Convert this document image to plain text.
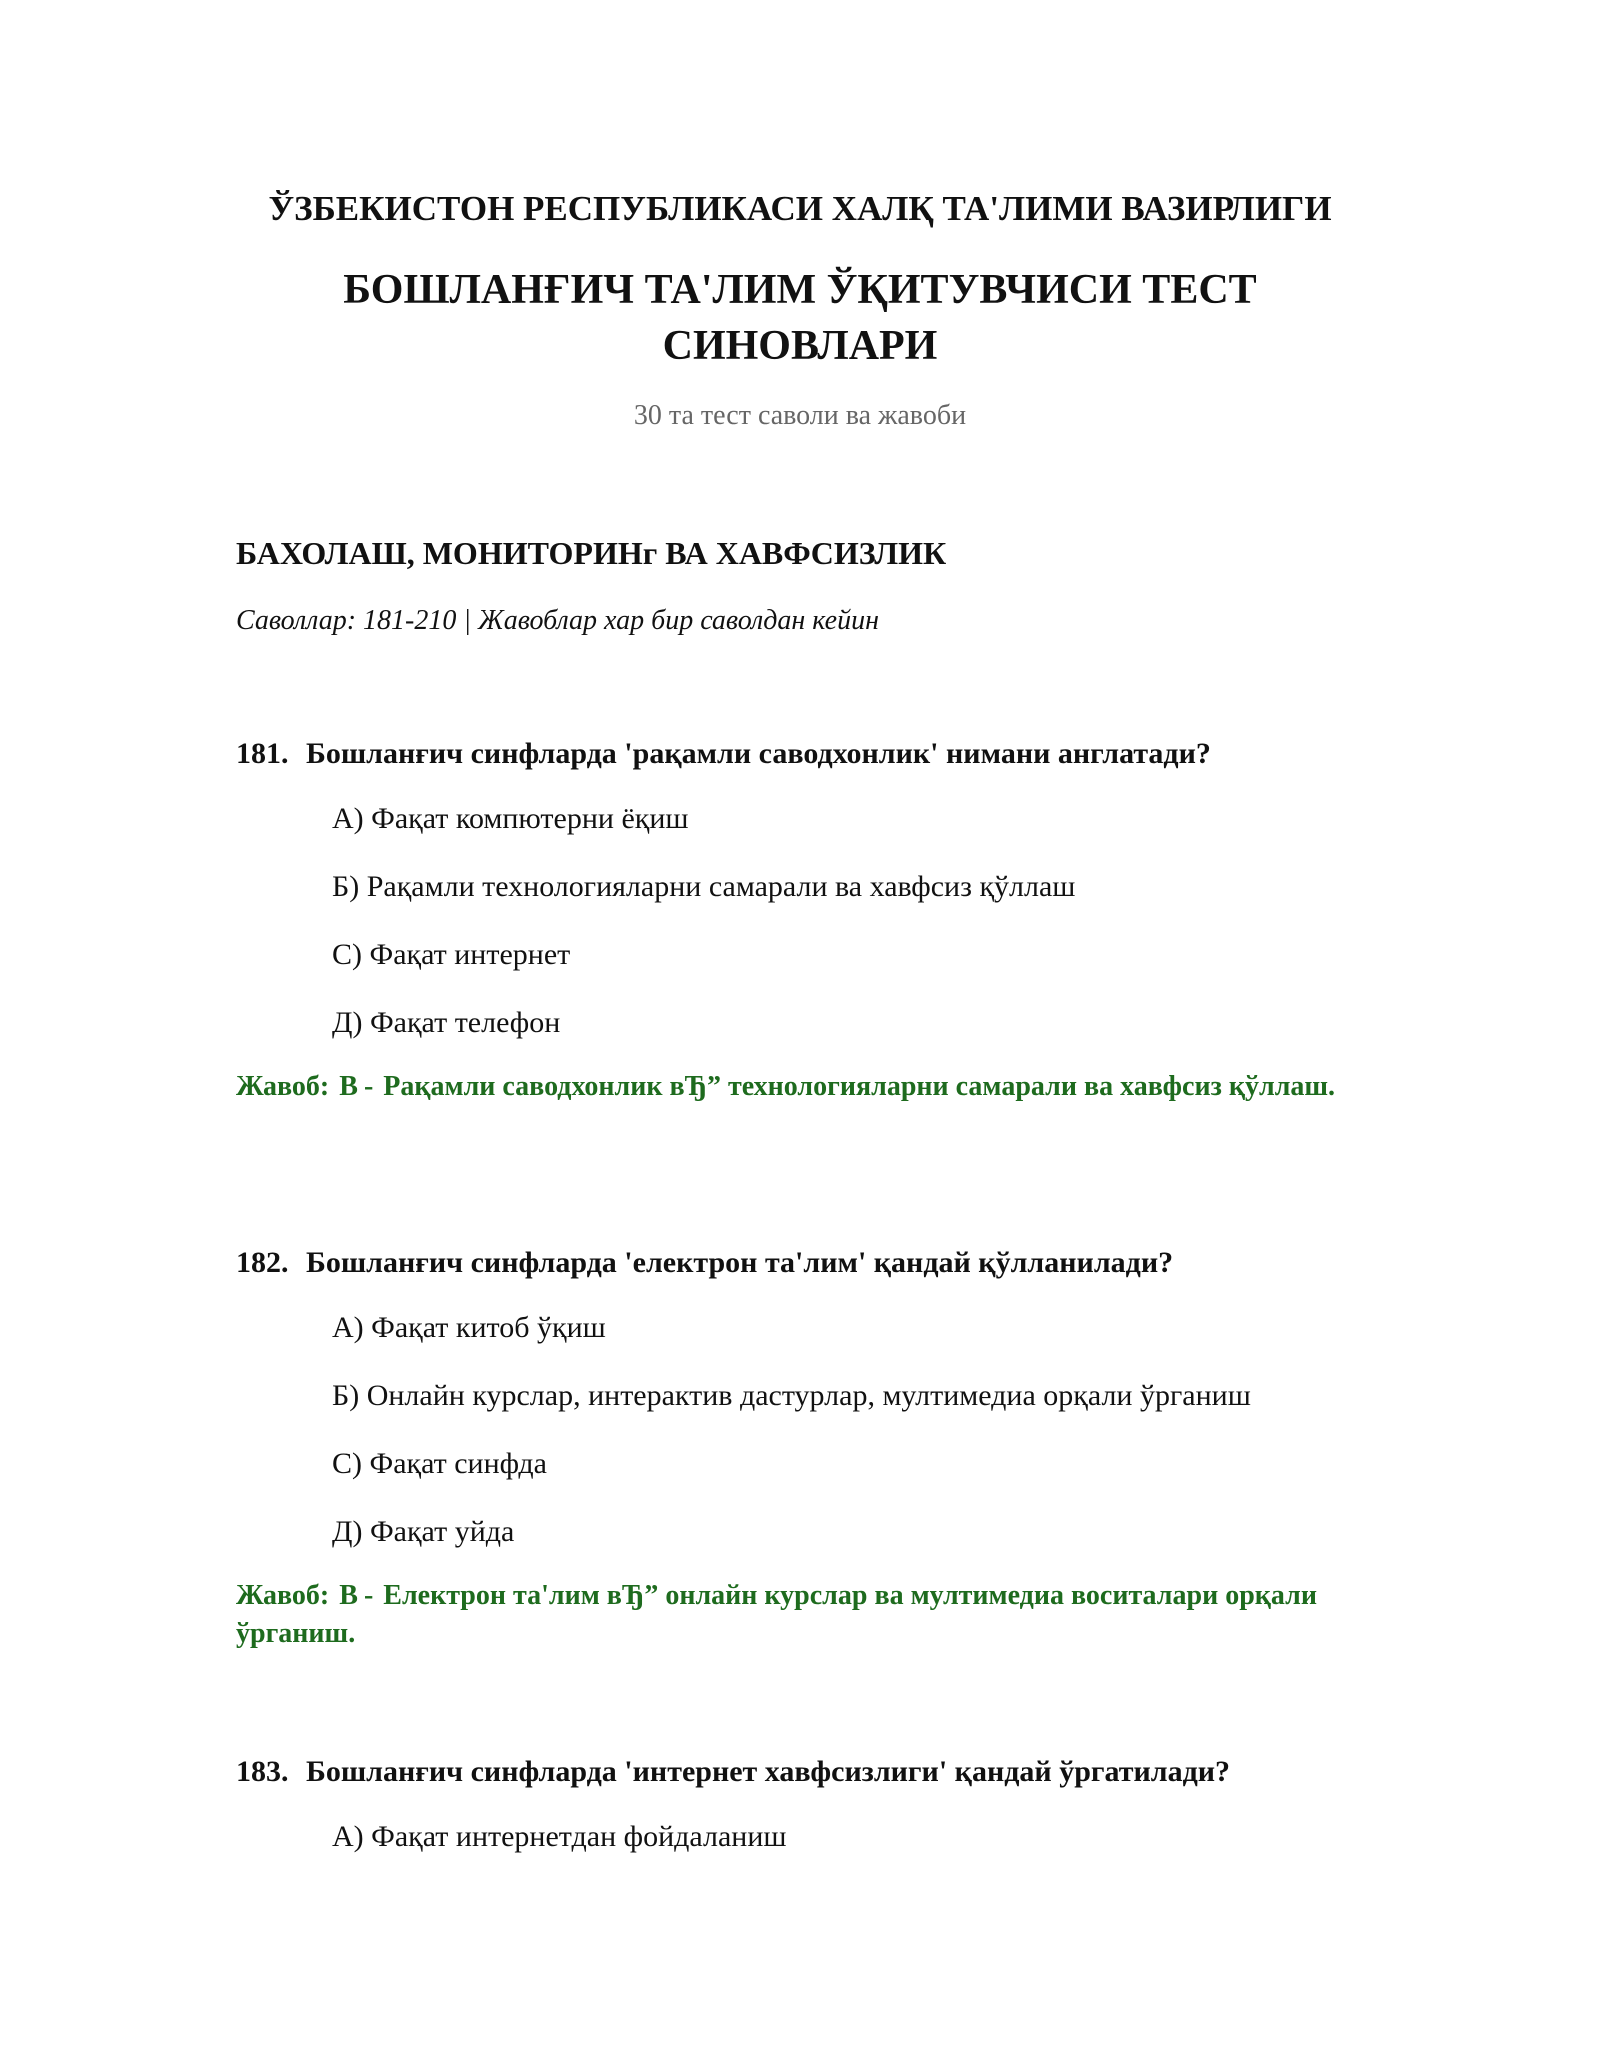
ЎЗБЕКИСТОН РЕСПУБЛИКАСИ ХАЛҚ ТА'ЛИМИ ВАЗИРЛИГИ
БОШЛАНҒИЧ ТА'ЛИМ ЎҚИТУВЧИСИ ТЕСТ СИНОВЛАРИ
30 та тест саволи ва жавоби
БАХОЛАШ, МОНИТОРИНг ВА ХАВФСИЗЛИК
Саволлар: 181-210 | Жавоблар хар бир саволдан кейин
181. Бошланғич синфларда 'рақамли саводхонлик' нимани англатади?
А) Фақат компютерни ёқиш
Б) Рақамли технологияларни самарали ва хавфсиз қўллаш
С) Фақат интернет
Д) Фақат телефон
Жавоб: B - Рақамли саводхонлик вЂ” технологияларни самарали ва хавфсиз қўллаш.
182. Бошланғич синфларда 'електрон та'лим' қандай қўлланилади?
А) Фақат китоб ўқиш
Б) Онлайн курслар, интерактив дастурлар, мултимедиа орқали ўрганиш
С) Фақат синфда
Д) Фақат уйда
Жавоб: B - Електрон та'лим вЂ” онлайн курслар ва мултимедиа воситалари орқали ўрганиш.
183. Бошланғич синфларда 'интернет хавфсизлиги' қандай ўргатилади?
А) Фақат интернетдан фойдаланиш
